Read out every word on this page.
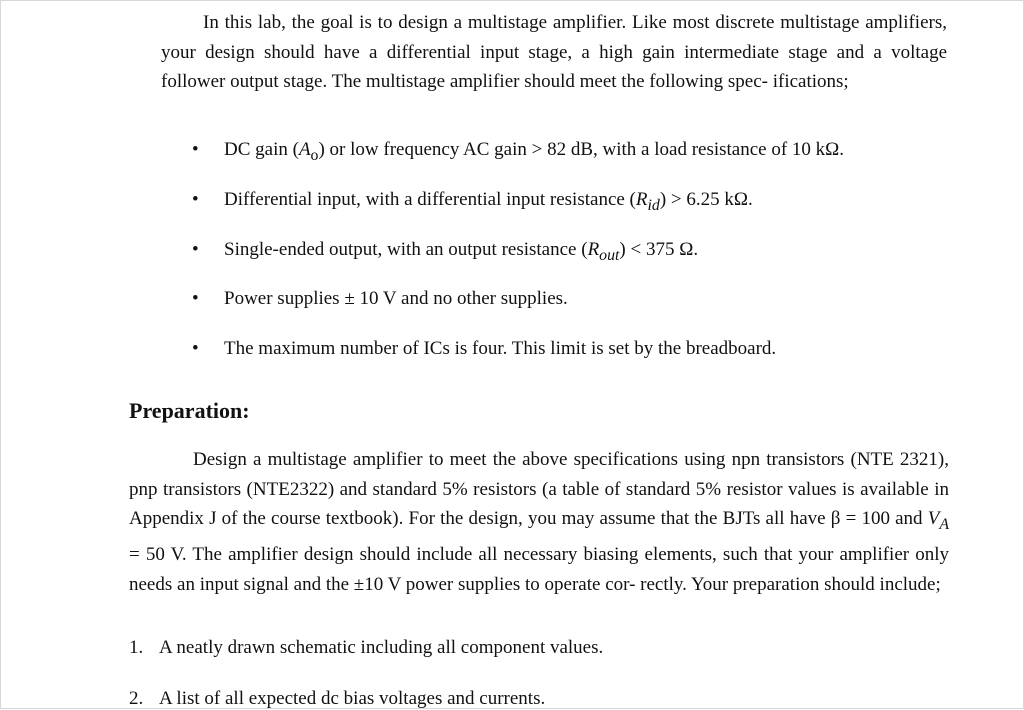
In this lab, the goal is to design a multistage amplifier. Like most discrete multistage amplifiers, your design should have a differential input stage, a high gain intermediate stage and a voltage follower output stage. The multistage amplifier should meet the following spec- ifications;

• DC gain $(A_o)$ or low frequency AC gain > 82 dB, with a load resistance of 10 kΩ.
• Differential input, with a differential input resistance $(R_{id}) > 6.25$ kΩ.
• Single-ended output, with an output resistance $(R_{out}) < 375$ Ω.
• Power supplies ± 10 V and no other supplies.
• The maximum number of ICs is four. This limit is set by the breadboard.
Preparation:

Design a multistage amplifier to meet the above specifications using npn transistors (NTE 2321), pnp transistors (NTE2322) and standard 5% resistors (a table of standard 5% resistor values is available in Appendix J of the course textbook). For the design, you may assume that the BJTs all have β = 100 and $V_A = 50$ V. The amplifier design should include all necessary biasing elements, such that your amplifier only needs an input signal and the ±10 V power supplies to operate cor- rectly. Your preparation should include;

1. A neatly drawn schematic including all component values.
2. A list of all expected dc bias voltages and currents.
